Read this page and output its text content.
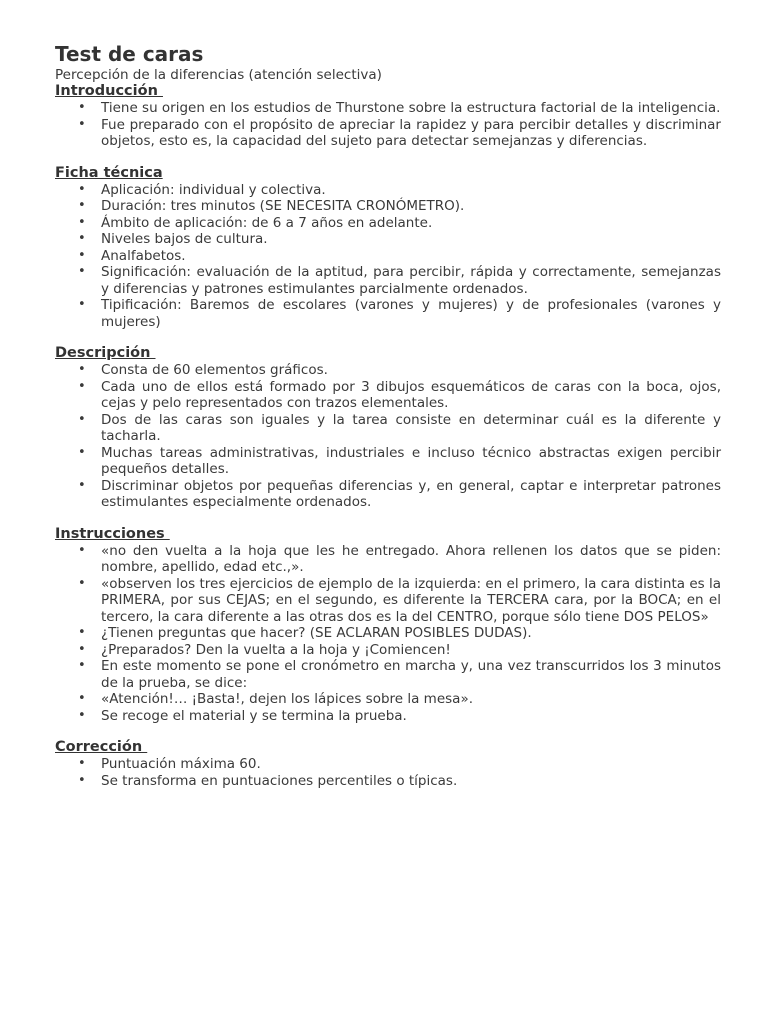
Test de caras

Percepción de la diferencias (atención selectiva)

Introducción
• Tiene su origen en los estudios de Thurstone sobre la estructura factorial de la inteligencia.
• Fue preparado con el propósito de apreciar la rapidez y para percibir detalles y discriminar objetos, esto es, la capacidad del sujeto para detectar semejanzas y diferencias.
Ficha técnica
• Aplicación: individual y colectiva.
• Duración: tres minutos (SE NECESITA CRONÓMETRO).
• Ámbito de aplicación: de 6 a 7 años en adelante.
• Niveles bajos de cultura.
• Analfabetos.
• Significación: evaluación de la aptitud, para percibir, rápida y correctamente, semejanzas y diferencias y patrones estimulantes parcialmente ordenados.
• Tipificación: Baremos de escolares (varones y mujeres) y de profesionales (varones y mujeres)
Descripción
• Consta de 60 elementos gráficos.
• Cada uno de ellos está formado por 3 dibujos esquemáticos de caras con la boca, ojos, cejas y pelo representados con trazos elementales.
• Dos de las caras son iguales y la tarea consiste en determinar cuál es la diferente y tacharla.
• Muchas tareas administrativas, industriales e incluso técnico abstractas exigen percibir pequeños detalles.
• Discriminar objetos por pequeñas diferencias y, en general, captar e interpretar patrones estimulantes especialmente ordenados.
Instrucciones
• «no den vuelta a la hoja que les he entregado. Ahora rellenen los datos que se piden: nombre, apellido, edad etc.,».
• «observen los tres ejercicios de ejemplo de la izquierda: en el primero, la cara distinta es la PRIMERA, por sus CEJAS; en el segundo, es diferente la TERCERA cara, por la BOCA; en el tercero, la cara diferente a las otras dos es la del CENTRO, porque sólo tiene DOS PELOS»
• ¿Tienen preguntas que hacer? (SE ACLARAN POSIBLES DUDAS).
• ¿Preparados? Den la vuelta a la hoja y ¡Comiencen!
• En este momento se pone el cronómetro en marcha y, una vez transcurridos los 3 minutos de la prueba, se dice:
• «Atención!… ¡Basta!, dejen los lápices sobre la mesa».
• Se recoge el material y se termina la prueba.
Corrección
• Puntuación máxima 60.
• Se transforma en puntuaciones percentiles o típicas.
